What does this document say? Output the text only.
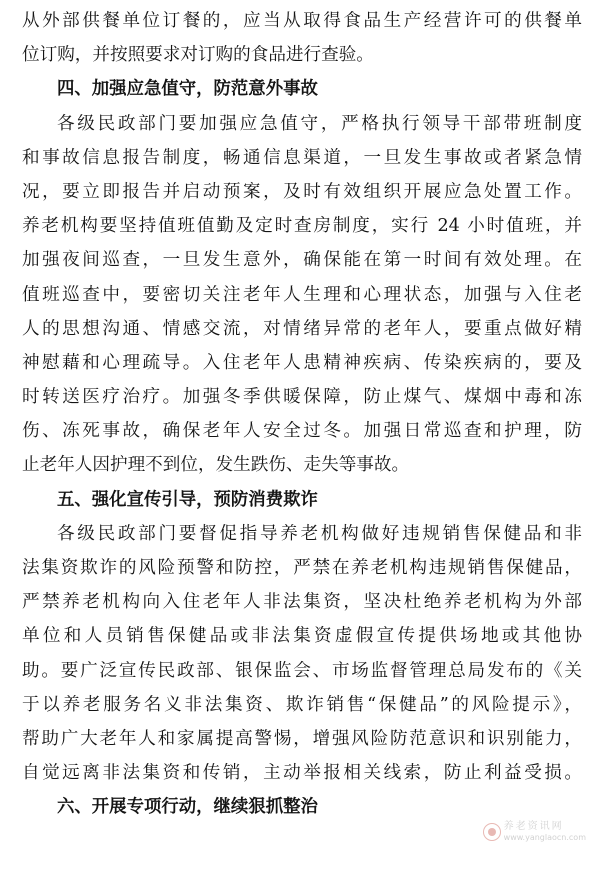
从外部供餐单位订餐的，应当从取得食品生产经营许可的供餐单
位订购，并按照要求对订购的食品进行查验。
四、加强应急值守，防范意外事故
各级民政部门要加强应急值守，严格执行领导干部带班制度
和事故信息报告制度，畅通信息渠道，一旦发生事故或者紧急情
况，要立即报告并启动预案，及时有效组织开展应急处置工作。
养老机构要坚持值班值勤及定时查房制度，实行 24 小时值班，并
加强夜间巡查，一旦发生意外，确保能在第一时间有效处理。在
值班巡查中，要密切关注老年人生理和心理状态，加强与入住老
人的思想沟通、情感交流，对情绪异常的老年人，要重点做好精
神慰藉和心理疏导。入住老年人患精神疾病、传染疾病的，要及
时转送医疗治疗。加强冬季供暖保障，防止煤气、煤烟中毒和冻
伤、冻死事故，确保老年人安全过冬。加强日常巡查和护理，防
止老年人因护理不到位，发生跌伤、走失等事故。
五、强化宣传引导，预防消费欺诈
各级民政部门要督促指导养老机构做好违规销售保健品和非
法集资欺诈的风险预警和防控，严禁在养老机构违规销售保健品，
严禁养老机构向入住老年人非法集资，坚决杜绝养老机构为外部
单位和人员销售保健品或非法集资虚假宣传提供场地或其他协
助。要广泛宣传民政部、银保监会、市场监督管理总局发布的《关
于以养老服务名义非法集资、欺诈销售“保健品”的风险提示》，
帮助广大老年人和家属提高警惕，增强风险防范意识和识别能力，
自觉远离非法集资和传销，主动举报相关线索，防止利益受损。
六、开展专项行动，继续狠抓整治
养老资讯网
www.yanglaocn.com
